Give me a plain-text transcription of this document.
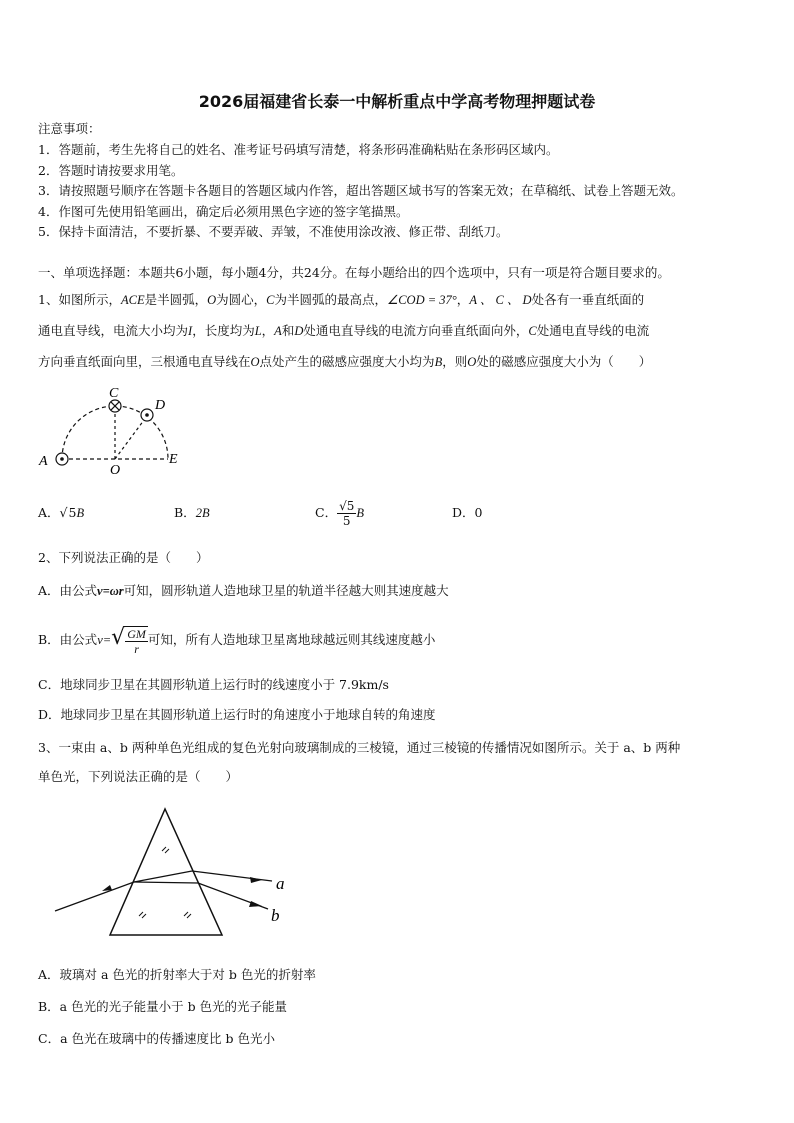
2026届福建省长泰一中解析重点中学高考物理押题试卷
注意事项：
1．答题前，考生先将自己的姓名、准考证号码填写清楚，将条形码准确粘贴在条形码区域内。
2．答题时请按要求用笔。
3．请按照题号顺序在答题卡各题目的答题区域内作答，超出答题区域书写的答案无效；在草稿纸、试卷上答题无效。
4．作图可先使用铅笔画出，确定后必须用黑色字迹的签字笔描黑。
5．保持卡面清洁，不要折暴、不要弄破、弄皱，不准使用涂改液、修正带、刮纸刀。
一、单项选择题：本题共6小题，每小题4分，共24分。在每小题给出的四个选项中，只有一项是符合题目要求的。
1、如图所示，ACE是半圆弧，O为圆心，C为半圆弧的最高点，∠COD = 37°，A 、 C 、 D处各有一垂直纸面的
通电直导线，电流大小均为I，长度均为L，A和D处通电直导线的电流方向垂直纸面向外，C处通电直导线的电流
方向垂直纸面向里，三根通电直导线在O点处产生的磁感应强度大小均为B，则O处的磁感应强度大小为（　　）
A
C
D
O
E
A．√5B	B．2B	C． $\frac{√5}{5}$ B	D．0
2、下列说法正确的是（　　）
A．由公式v=ωr可知，圆形轨道人造地球卫星的轨道半径越大则其速度越大
B．由公式$v=√ \frac{GM}{r}$ 可知，所有人造地球卫星离地球越远则其线速度越小
C．地球同步卫星在其圆形轨道上运行时的线速度小于 7.9km/s
D．地球同步卫星在其圆形轨道上运行时的角速度小于地球自转的角速度
3、一束由 a、b 两种单色光组成的复色光射向玻璃制成的三棱镜，通过三棱镜的传播情况如图所示。关于 a、b 两种
单色光，下列说法正确的是（　　）
a
b
A．玻璃对 a 色光的折射率大于对 b 色光的折射率
B．a 色光的光子能量小于 b 色光的光子能量
C．a 色光在玻璃中的传播速度比 b 色光小
